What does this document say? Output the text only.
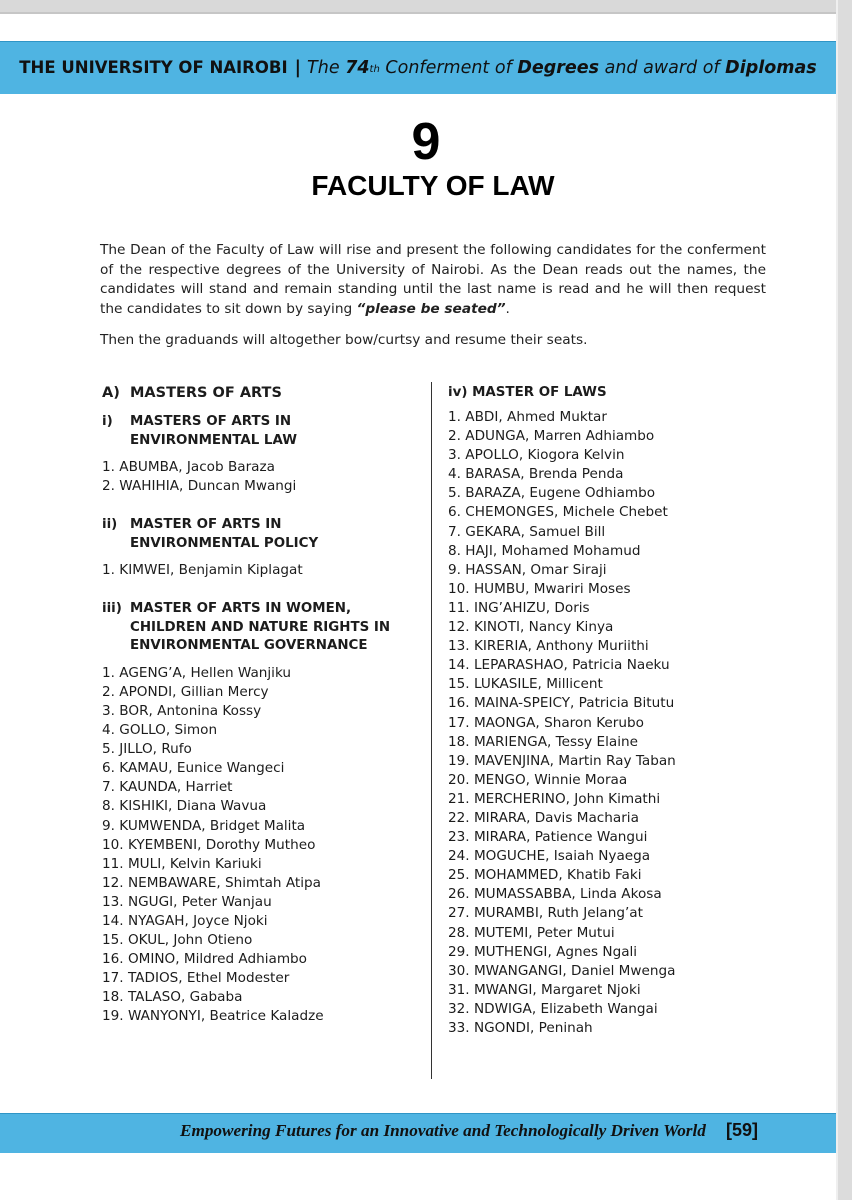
THE UNIVERSITY OF NAIROBI | The
74th
Conferment of
Degrees
and award of
Diplomas
9
FACULTY OF LAW
The Dean of the Faculty of Law will rise and present the following candidates for the conferment of the respective degrees of the University of Nairobi. As the Dean reads out the names, the candidates will stand and remain standing until the last name is read and he will then request the candidates to sit down by saying “please be seated”.
Then the graduands will altogether bow/curtsy and resume their seats.
A) MASTERS OF ARTS
i)	MASTERS OF ARTS IN ENVIRONMENTAL LAW
1. ABUMBA, Jacob Baraza
2. WAHIHIA, Duncan Mwangi
ii) MASTER OF ARTS IN ENVIRONMENTAL POLICY
1. KIMWEI, Benjamin Kiplagat
iii) MASTER OF ARTS IN WOMEN, CHILDREN AND NATURE RIGHTS IN ENVIRONMENTAL GOVERNANCE
1. AGENG’A, Hellen Wanjiku
2. APONDI, Gillian Mercy
3. BOR, Antonina Kossy
4. GOLLO, Simon
5. JILLO, Rufo
6. KAMAU, Eunice Wangeci
7. KAUNDA, Harriet
8. KISHIKI, Diana Wavua
9. KUMWENDA, Bridget Malita
10. KYEMBENI, Dorothy Mutheo
11. MULI, Kelvin Kariuki
12. NEMBAWARE, Shimtah Atipa
13. NGUGI, Peter Wanjau
14. NYAGAH, Joyce Njoki
15. OKUL, John Otieno
16. OMINO, Mildred Adhiambo
17. TADIOS, Ethel Modester
18. TALASO, Gababa
19. WANYONYI, Beatrice Kaladze
iv) MASTER OF LAWS
1. ABDI, Ahmed Muktar
2. ADUNGA, Marren Adhiambo
3. APOLLO, Kiogora Kelvin
4. BARASA, Brenda Penda
5. BARAZA, Eugene Odhiambo
6. CHEMONGES, Michele Chebet
7. GEKARA, Samuel Bill
8. HAJI, Mohamed Mohamud
9. HASSAN, Omar Siraji
10. HUMBU, Mwariri Moses
11. ING’AHIZU, Doris
12. KINOTI, Nancy Kinya
13. KIRERIA, Anthony Muriithi
14. LEPARASHAO, Patricia Naeku
15. LUKASILE, Millicent
16. MAINA-SPEICY, Patricia Bitutu
17. MAONGA, Sharon Kerubo
18. MARIENGA, Tessy Elaine
19. MAVENJINA, Martin Ray Taban
20. MENGO, Winnie Moraa
21. MERCHERINO, John Kimathi
22. MIRARA, Davis Macharia
23. MIRARA, Patience Wangui
24. MOGUCHE, Isaiah Nyaega
25. MOHAMMED, Khatib Faki
26. MUMASSABBA, Linda Akosa
27. MURAMBI, Ruth Jelang’at
28. MUTEMI, Peter Mutui
29. MUTHENGI, Agnes Ngali
30. MWANGANGI, Daniel Mwenga
31. MWANGI, Margaret Njoki
32. NDWIGA, Elizabeth Wangai
33. NGONDI, Peninah
Empowering Futures for an Innovative and Technologically Driven World [59]
